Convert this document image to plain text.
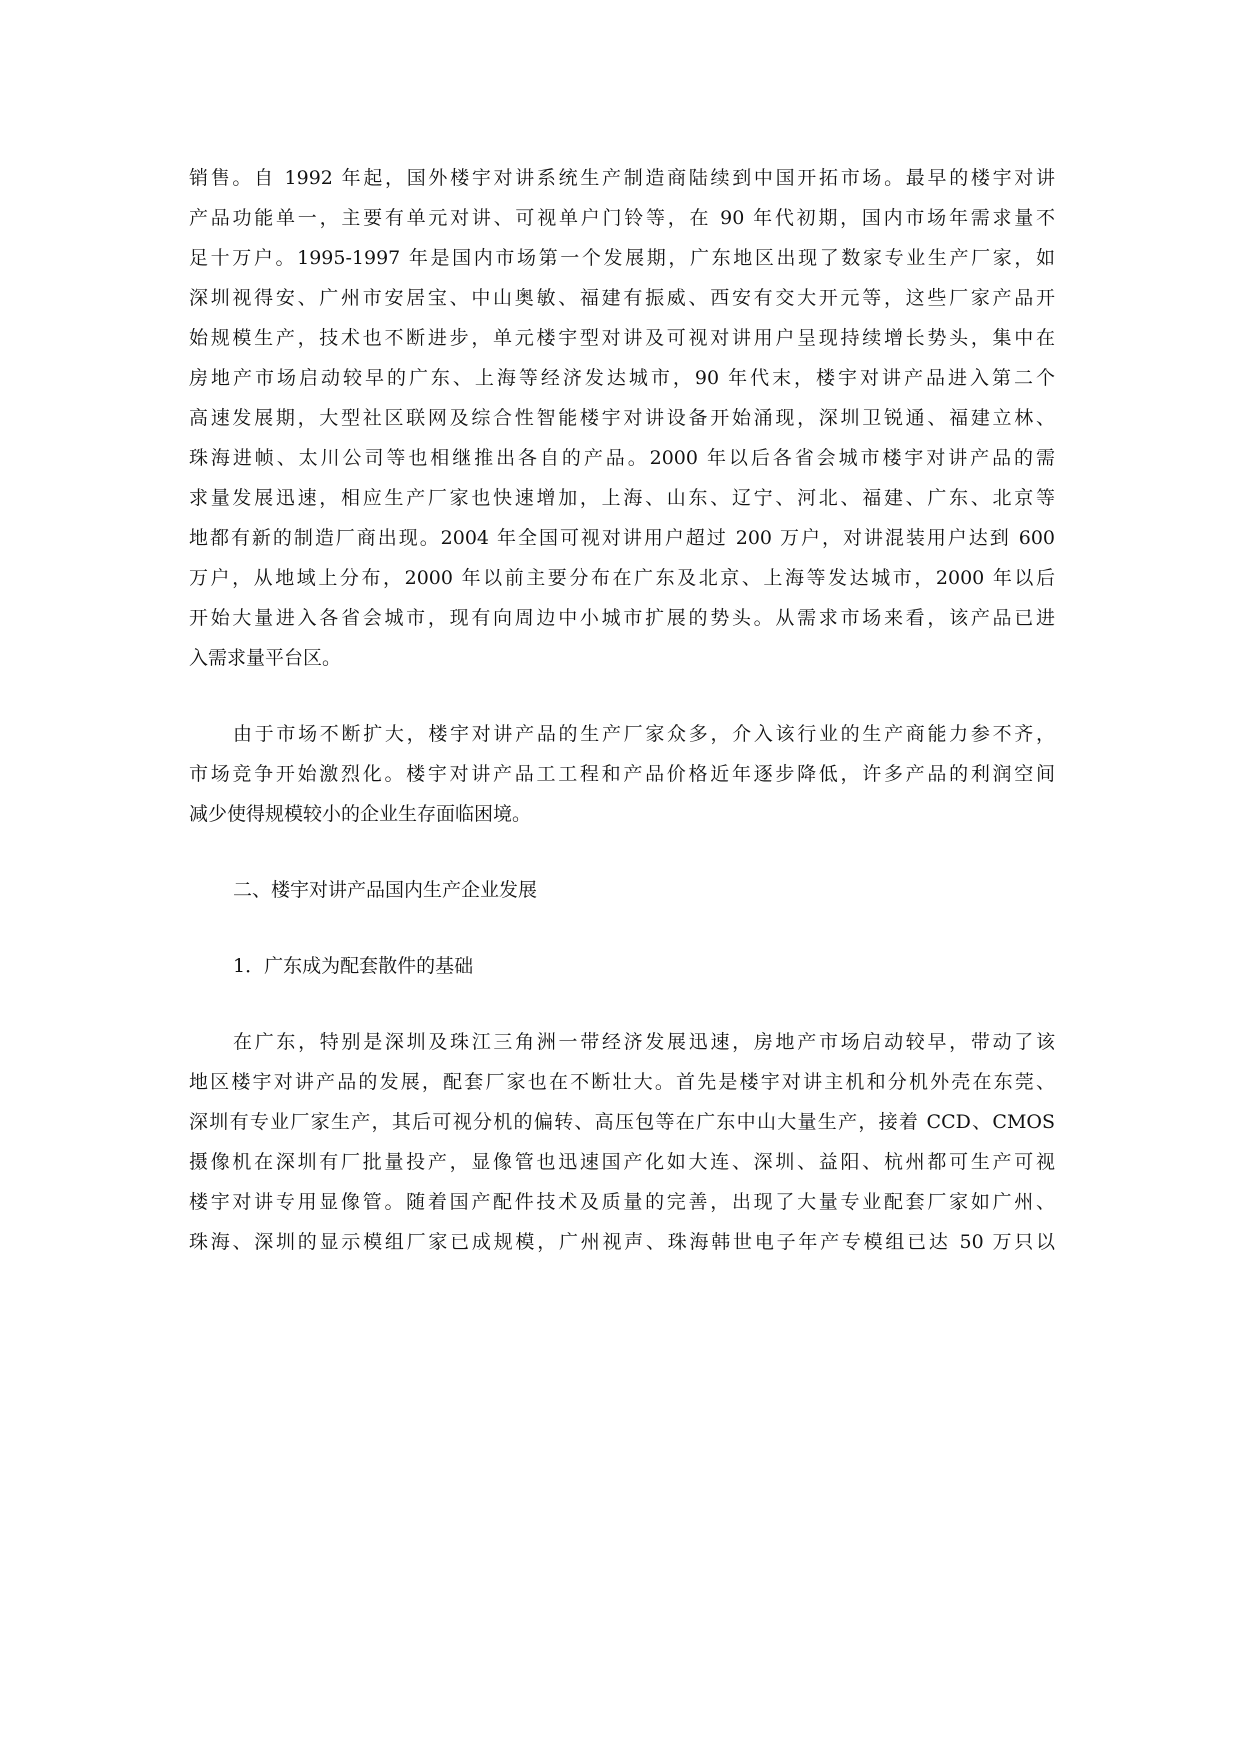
销售。自 1992 年起，国外楼宇对讲系统生产制造商陆续到中国开拓市场。最早的楼宇对讲
产品功能单一，主要有单元对讲、可视单户门铃等，在 90 年代初期，国内市场年需求量不
足十万户。1995-1997 年是国内市场第一个发展期，广东地区出现了数家专业生产厂家，如
深圳视得安、广州市安居宝、中山奥敏、福建有振威、西安有交大开元等，这些厂家产品开
始规模生产，技术也不断进步，单元楼宇型对讲及可视对讲用户呈现持续增长势头，集中在
房地产市场启动较早的广东、上海等经济发达城市，90 年代末，楼宇对讲产品进入第二个
高速发展期，大型社区联网及综合性智能楼宇对讲设备开始涌现，深圳卫锐通、福建立林、
珠海进帧、太川公司等也相继推出各自的产品。2000 年以后各省会城市楼宇对讲产品的需
求量发展迅速，相应生产厂家也快速增加，上海、山东、辽宁、河北、福建、广东、北京等
地都有新的制造厂商出现。2004 年全国可视对讲用户超过 200 万户，对讲混装用户达到 600
万户，从地域上分布，2000 年以前主要分布在广东及北京、上海等发达城市，2000 年以后
开始大量进入各省会城市，现有向周边中小城市扩展的势头。从需求市场来看，该产品已进
入需求量平台区。
由于市场不断扩大，楼宇对讲产品的生产厂家众多，介入该行业的生产商能力参不齐，
市场竞争开始激烈化。楼宇对讲产品工工程和产品价格近年逐步降低，许多产品的利润空间
减少使得规模较小的企业生存面临困境。
二、楼宇对讲产品国内生产企业发展
1．广东成为配套散件的基础
在广东，特别是深圳及珠江三角洲一带经济发展迅速，房地产市场启动较早，带动了该
地区楼宇对讲产品的发展，配套厂家也在不断壮大。首先是楼宇对讲主机和分机外壳在东莞、
深圳有专业厂家生产，其后可视分机的偏转、高压包等在广东中山大量生产，接着 CCD、CMOS
摄像机在深圳有厂批量投产，显像管也迅速国产化如大连、深圳、益阳、杭州都可生产可视
楼宇对讲专用显像管。随着国产配件技术及质量的完善，出现了大量专业配套厂家如广州、
珠海、深圳的显示模组厂家已成规模，广州视声、珠海韩世电子年产专模组已达 50 万只以
